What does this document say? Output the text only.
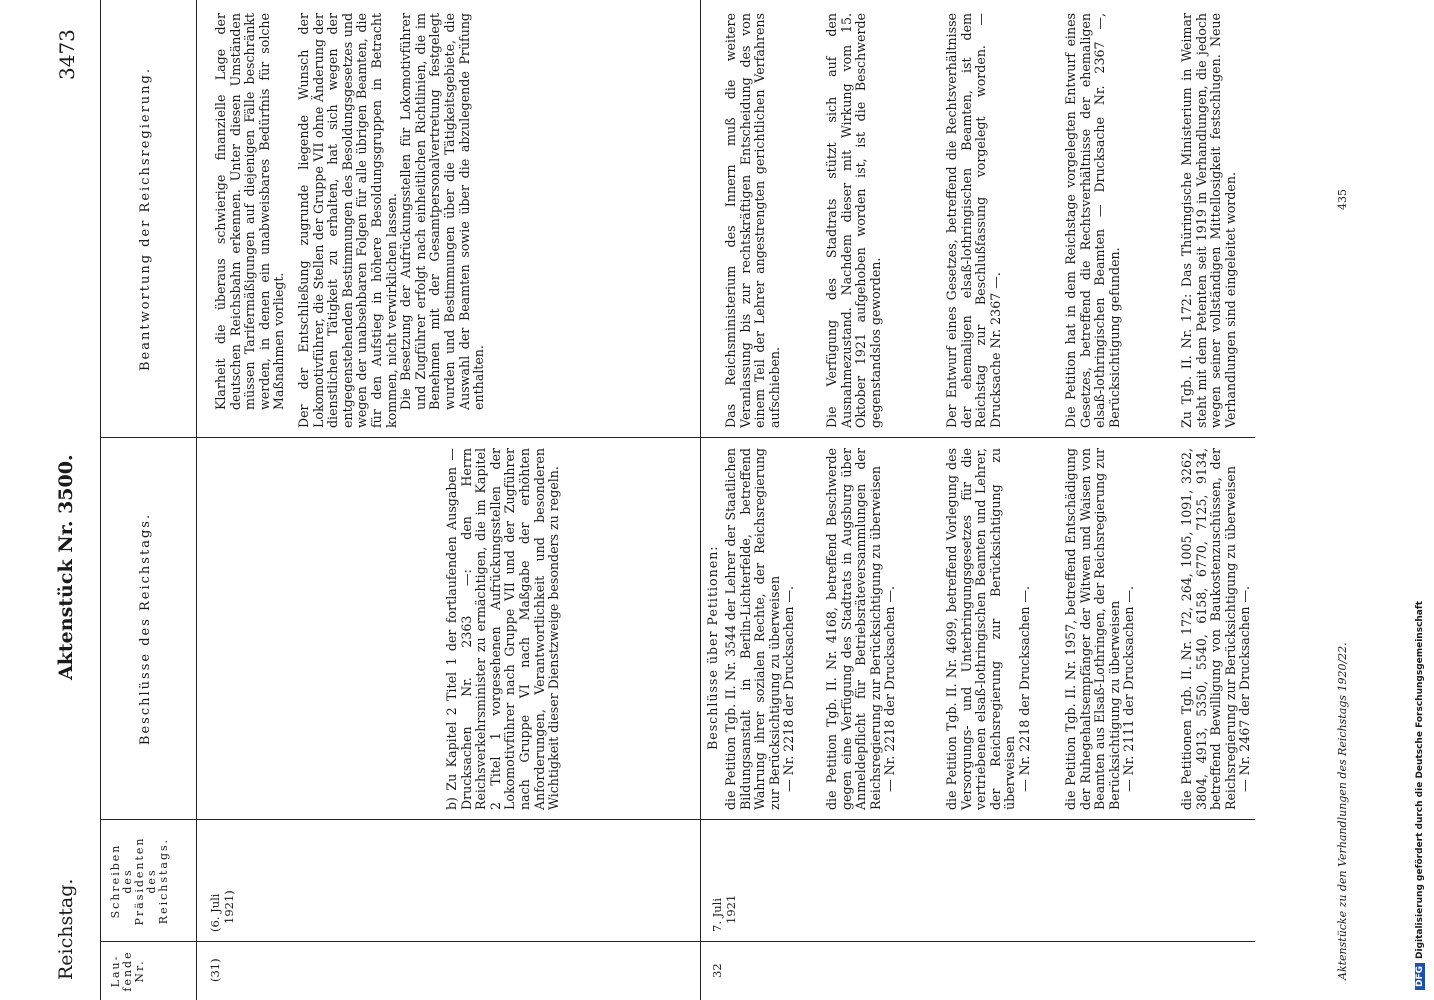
Reichstag.
Aktenstück Nr. 3500.
3473
Lau- fende Nr.
Schreiben des Präsidenten des Reichstags.
Beschlüsse des Reichstags.
Beantwortung der Reichsregierung.
(31)
(6. Juli 1921)

b) Zu Kapitel 2 Titel 1 der fortlaufenden Ausgaben — Drucksachen Nr. 2363 —: den Herrn Reichsverkehrsminister zu ermächtigen, die im Kapitel 2 Titel 1 vorgesehenen Aufrückungsstellen der Lokomotivführer nach Gruppe VII und der Zugführer nach Gruppe VI nach Maßgabe der erhöhten Anforderungen, Verantwortlichkeit und besonderen Wichtigkeit dieser Dienstzweige besonders zu regeln.

Klarheit die überaus schwierige finanzielle Lage der deutschen Reichsbahn erkennen. Unter diesen Umständen müssen Tarifermäßigungen auf diejenigen Fälle beschränkt werden, in denen ein unabweisbares Bedürfnis für solche Maßnahmen vorliegt. Der der Entschließung zugrunde liegende Wunsch der Lokomotivführer, die Stellen der Gruppe VII ohne Änderung der dienstlichen Tätigkeit zu erhalten, hat sich wegen der entgegenstehenden Bestimmungen des Besoldungsgesetzes und wegen der unabsehbaren Folgen für alle übrigen Beamten, die für den Aufstieg in höhere Besoldungsgruppen in Betracht kommen, nicht verwirklichen lassen. Die Besetzung der Aufrückungsstellen für Lokomotivführer und Zugführer erfolgt nach einheitlichen Richtlinien, die im Benehmen mit der Gesamtpersonalvertretung festgelegt wurden und Bestimmungen über die Tätigkeitsgebiete, die Auswahl der Beamten sowie über die abzulegende Prüfung enthalten.

32
7. Juli 1921
Beschlüsse über Petitionen: die Petition Tgb. II. Nr. 3544 der Lehrer der Staatlichen Bildungsanstalt in Berlin-Lichterfelde, betreffend Wahrung ihrer sozialen Rechte, der Reichsregierung zur Berücksichtigung zu überweisen — Nr. 2218 der Drucksachen —.

Das Reichsministerium des Innern muß die weitere Veranlassung bis zur rechtskräftigen Entscheidung des von einem Teil der Lehrer angestrengten gerichtlichen Verfahrens aufschieben.

die Petition Tgb. II. Nr. 4168, betreffend Beschwerde gegen eine Verfügung des Stadtrats in Augsburg über Anmeldepflicht für Betriebsräteversammlungen der Reichsregierung zur Berücksichtigung zu überweisen — Nr. 2218 der Drucksachen —.

Die Verfügung des Stadtrats stützt sich auf den Ausnahmezustand. Nachdem dieser mit Wirkung vom 15. Oktober 1921 aufgehoben worden ist, ist die Beschwerde gegenstandslos geworden.

die Petition Tgb. II. Nr. 4699, betreffend Vorlegung des Versorgungs- und Unterbringungsgesetzes für die vertriebenen elsaß-lothringischen Beamten und Lehrer, der Reichsregierung zur Berücksichtigung zu überweisen — Nr. 2218 der Drucksachen —.

Der Entwurf eines Gesetzes, betreffend die Rechtsverhältnisse der ehemaligen elsaß-lothringischen Beamten, ist dem Reichstag zur Beschlußfassung vorgelegt worden. — Drucksache Nr. 2367 —.

die Petition Tgb. II. Nr. 1957, betreffend Entschädigung der Ruhegehaltsempfänger der Witwen und Waisen von Beamten aus Elsaß-Lothringen, der Reichsregierung zur Berücksichtigung zu überweisen — Nr. 2111 der Drucksachen —.

Die Petition hat in dem Reichstage vorgelegten Entwurf eines Gesetzes, betreffend die Rechtsverhältnisse der ehemaligen elsaß-lothringischen Beamten — Drucksache Nr. 2367 —, Berücksichtigung gefunden.

die Petitionen Tgb. II. Nr. 172, 264, 1005, 1091, 3262, 3804, 4913, 5350, 5540, 6158, 6770, 7125, 9134, betreffend Bewilligung von Baukostenzuschüssen, der Reichsregierung zur Berücksichtigung zu überweisen — Nr. 2467 der Drucksachen —.

Zu Tgb. II. Nr. 172: Das Thüringische Ministerium in Weimar steht mit dem Petenten seit 1919 in Verhandlungen, die jedoch wegen seiner vollständigen Mittellosigkeit festschlugen. Neue Verhandlungen sind eingeleitet worden.
Aktenstücke zu den Verhandlungen des Reichstags 1920/22.
435
DFGDigitalisierung gefördert durch die Deutsche Forschungsgemeinschaft
